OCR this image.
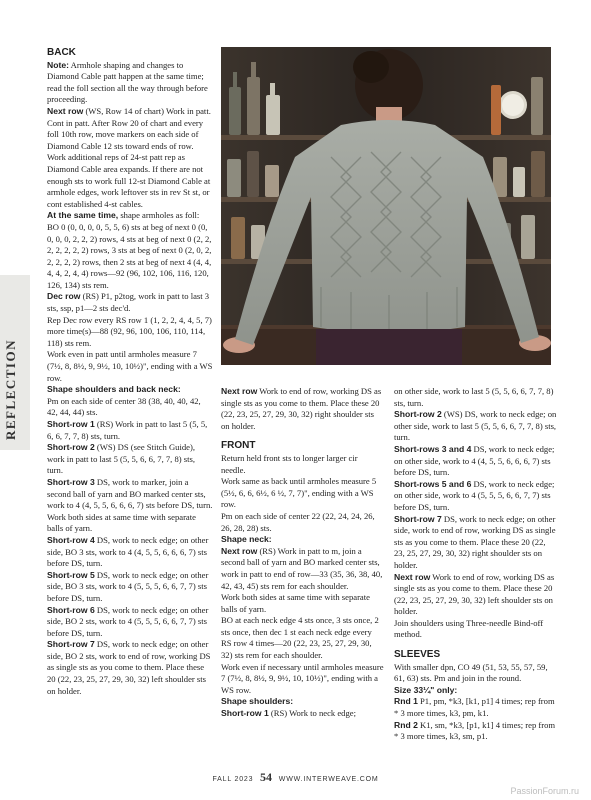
REFLECTION

BACK

Note: Armhole shaping and changes to Diamond Cable patt happen at the same time; read the foll section all the way through before proceeding.

Next row (WS, Row 14 of chart) Work in patt.

Cont in patt. After Row 20 of chart and every foll 10th row, move markers on each side of Diamond Cable 12 sts toward ends of row. Work additional reps of 24-st patt rep as Diamond Cable area expands. If there are not enough sts to work full 12-st Diamond Cable at armhole edges, work leftover sts in rev St st, or cont established 4-st cables.

At the same time, shape armholes as foll:

BO 0 (0, 0, 0, 0, 5, 5, 6) sts at beg of next 0 (0, 0, 0, 0, 2, 2, 2) rows, 4 sts at beg of next 0 (2, 2, 2, 2, 2, 2, 2) rows, 3 sts at beg of next 0 (2, 0, 2, 2, 2, 2, 2) rows, then 2 sts at beg of next 4 (4, 4, 4, 4, 2, 4, 4) rows—92 (96, 102, 106, 116, 120, 126, 134) sts rem.

Dec row (RS) P1, p2tog, work in patt to last 3 sts, ssp, p1—2 sts dec'd.

Rep Dec row every RS row 1 (1, 2, 2, 4, 4, 5, 7) more time(s)—88 (92, 96, 100, 106, 110, 114, 118) sts rem.

Work even in patt until armholes measure 7 (7½, 8, 8½, 9, 9½, 10, 10½)", ending with a WS row.

Shape shoulders and back neck:

Pm on each side of center 38 (38, 40, 40, 42, 42, 44, 44) sts.

Short-row 1 (RS) Work in patt to last 5 (5, 5, 6, 6, 7, 7, 8) sts, turn.

Short-row 2 (WS) DS (see Stitch Guide), work in patt to last 5 (5, 5, 6, 6, 7, 7, 8) sts, turn.

Short-row 3 DS, work to marker, join a second ball of yarn and BO marked center sts, work to 4 (4, 5, 5, 6, 6, 6, 7) sts before DS, turn.

Work both sides at same time with separate balls of yarn.

Short-row 4 DS, work to neck edge; on other side, BO 3 sts, work to 4 (4, 5, 5, 6, 6, 6, 7) sts before DS, turn.

Short-row 5 DS, work to neck edge; on other side, BO 3 sts, work to 4 (5, 5, 5, 6, 6, 7, 7) sts before DS, turn.

Short-row 6 DS, work to neck edge; on other side, BO 2 sts, work to 4 (5, 5, 5, 6, 6, 7, 7) sts before DS, turn.

Short-row 7 DS, work to neck edge; on other side, BO 2 sts, work to end of row, working DS as single sts as you come to them. Place these 20 (22, 23, 25, 27, 29, 30, 32) left shoulder sts on holder.

Next row Work to end of row, working DS as single sts as you come to them. Place these 20 (22, 23, 25, 27, 29, 30, 32) right shoulder sts on holder.

FRONT

Return held front sts to longer larger cir needle.

Work same as back until armholes measure 5 (5½, 6, 6, 6½, 6 ½, 7, 7)", ending with a WS row.

Pm on each side of center 22 (22, 24, 24, 26, 26, 28, 28) sts.

Shape neck:

Next row (RS) Work in patt to m, join a second ball of yarn and BO marked center sts, work in patt to end of row—33 (35, 36, 38, 40, 42, 43, 45) sts rem for each shoulder.

Work both sides at same time with separate balls of yarn.

BO at each neck edge 4 sts once, 3 sts once, 2 sts once, then dec 1 st each neck edge every RS row 4 times—20 (22, 23, 25, 27, 29, 30, 32) sts rem for each shoulder.

Work even if necessary until armholes measure 7 (7½, 8, 8½, 9, 9½, 10, 10½)", ending with a WS row.

Shape shoulders:

Short-row 1 (RS) Work to neck edge;

on other side, work to last 5 (5, 5, 6, 6, 7, 7, 8) sts, turn.

Short-row 2 (WS) DS, work to neck edge; on other side, work to last 5 (5, 5, 6, 6, 7, 7, 8) sts, turn.

Short-rows 3 and 4 DS, work to neck edge; on other side, work to 4 (4, 5, 5, 6, 6, 6, 7) sts before DS, turn.

Short-rows 5 and 6 DS, work to neck edge; on other side, work to 4 (5, 5, 5, 6, 6, 7, 7) sts before DS, turn.

Short-row 7 DS, work to neck edge; on other side, work to end of row, working DS as single sts as you come to them. Place these 20 (22, 23, 25, 27, 29, 30, 32) right shoulder sts on holder.

Next row Work to end of row, working DS as single sts as you come to them. Place these 20 (22, 23, 25, 27, 29, 30, 32) left shoulder sts on holder.

Join shoulders using Three-needle Bind-off method.

SLEEVES

With smaller dpn, CO 49 (51, 53, 55, 57, 59, 61, 63) sts. Pm and join in the round.

Size 33¼" only:

Rnd 1 P1, pm, *k3, [k1, p1] 4 times; rep from * 3 more times, k3, pm, k1.

Rnd 2 K1, sm, *k3, [p1, k1] 4 times; rep from * 3 more times, k3, sm, p1.

FALL 2023 54 WWW.INTERWEAVE.COM
PassionForum.ru
